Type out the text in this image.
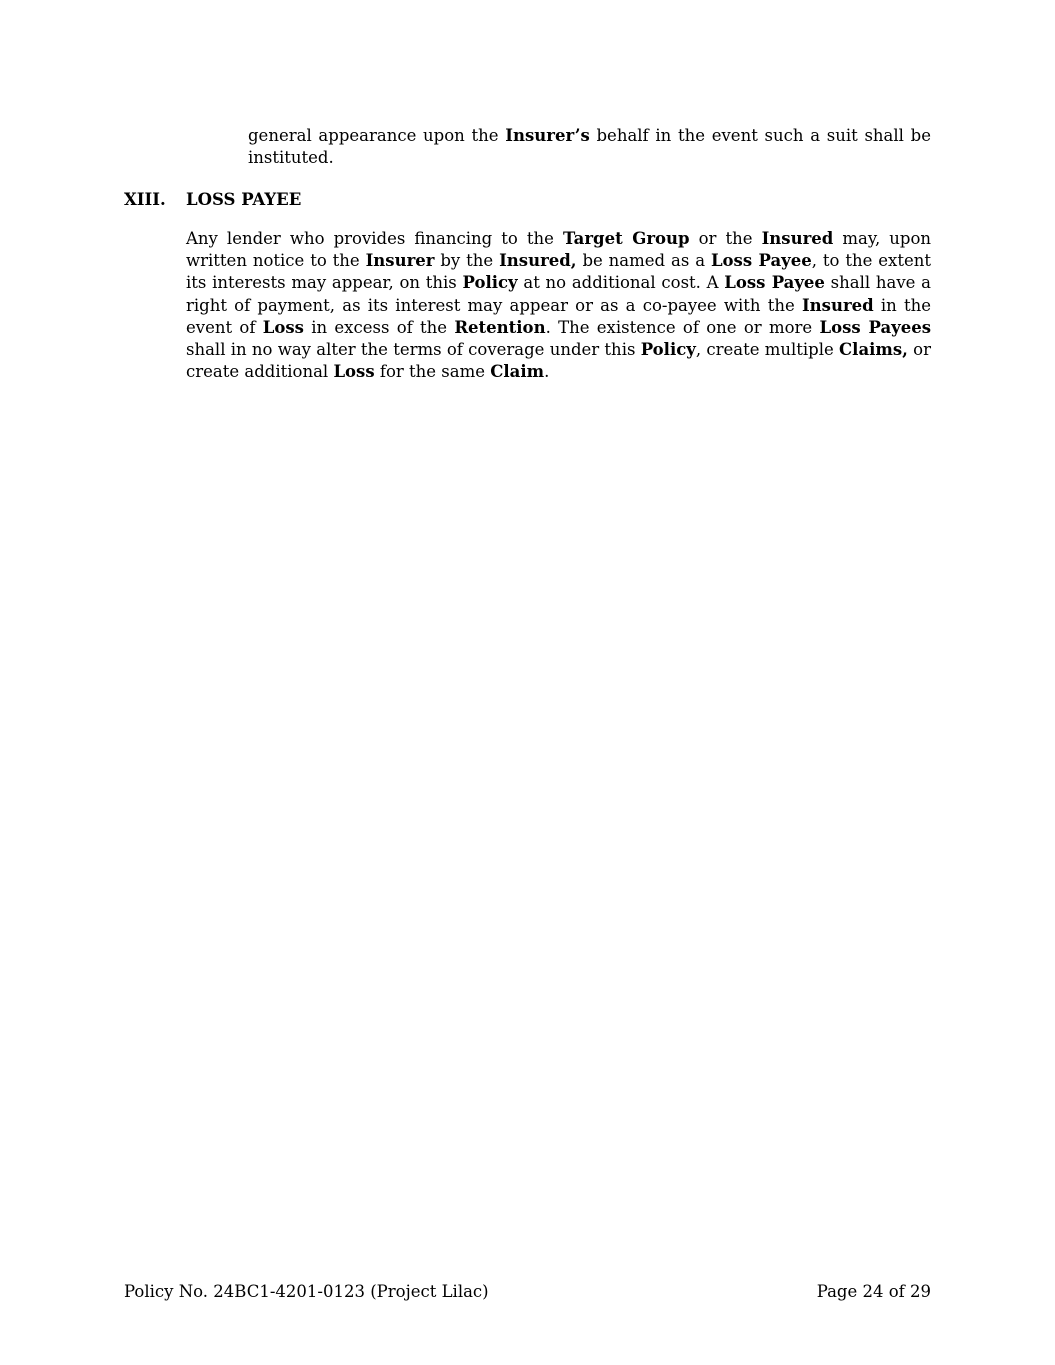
general appearance upon the Insurer’s behalf in the event such a suit shall be instituted.
XIII. LOSS PAYEE
Any lender who provides financing to the Target Group or the Insured may, upon written notice to the Insurer by the Insured, be named as a Loss Payee, to the extent its interests may appear, on this Policy at no additional cost. A Loss Payee shall have a right of payment, as its interest may appear or as a co-payee with the Insured in the event of Loss in excess of the Retention. The existence of one or more Loss Payees shall in no way alter the terms of coverage under this Policy, create multiple Claims, or create additional Loss for the same Claim.
Policy No. 24BC1-4201-0123 (Project Lilac)	Page 24 of 29
